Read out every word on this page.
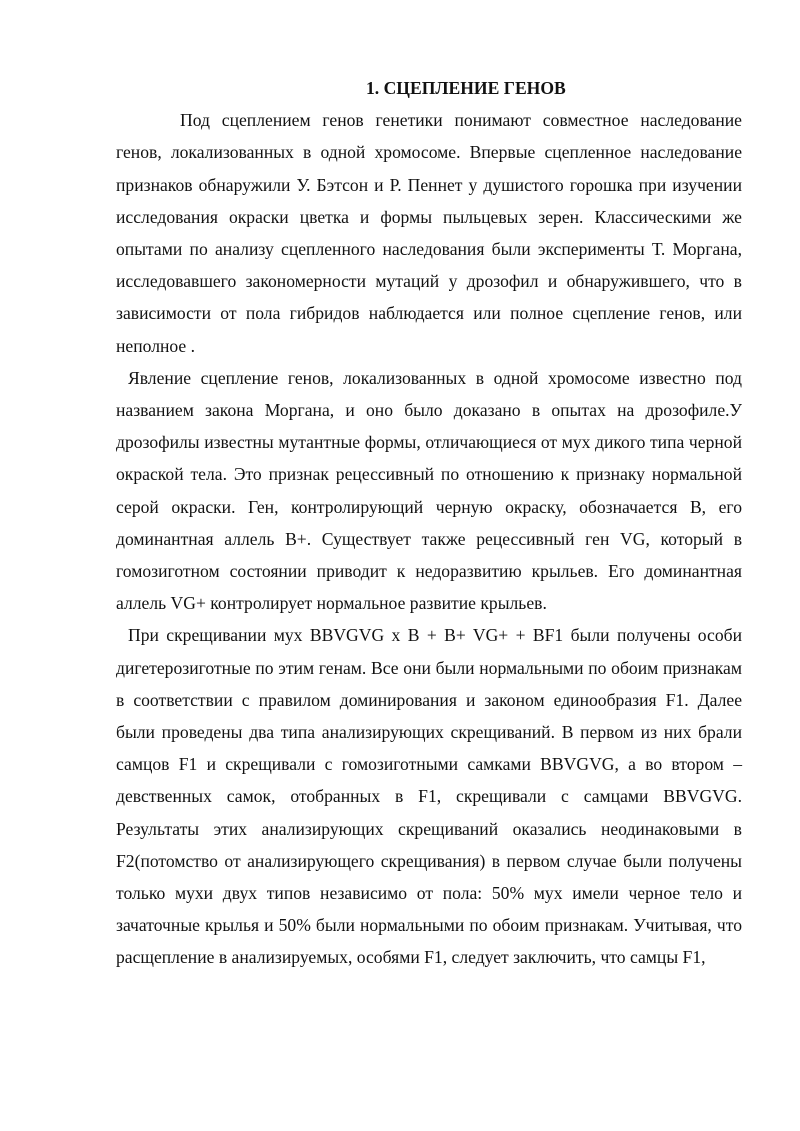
1. СЦЕПЛЕНИЕ ГЕНОВ

Под сцеплением генов генетики понимают совместное наследование генов, локализованных в одной хромосоме. Впервые сцепленное наследование признаков обнаружили У. Бэтсон и Р. Пеннет у душистого горошка при изучении исследования окраски цветка и формы пыльцевых зерен. Классическими же опытами по анализу сцепленного наследования были эксперименты Т. Моргана, исследовавшего закономерности мутаций у дрозофил и обнаружившего, что в зависимости от пола гибридов наблюдается или полное сцепление генов, или неполное .

Явление сцепление генов, локализованных в одной хромосоме известно под названием закона Моргана, и оно было доказано в опытах на дрозофиле.У дрозофилы известны мутантные формы, отличающиеся от мух дикого типа черной окраской тела. Это признак рецессивный по отношению к признаку нормальной серой окраски. Ген, контролирующий черную окраску, обозначается B, его доминантная аллель B+. Существует также рецессивный ген VG, который в гомозиготном состоянии приводит к недоразвитию крыльев. Его доминантная аллель VG+ контролирует нормальное развитие крыльев.

При скрещивании мух BBVGVG x B + B+ VG+ + BF1 были получены особи дигетерозиготные по этим генам. Все они были нормальными по обоим признакам в соответствии с правилом доминирования и законом единообразия F1. Далее были проведены два типа анализирующих скрещиваний. В первом из них брали самцов F1 и скрещивали с гомозиготными самками BBVGVG, а во втором – девственных самок, отобранных в F1, скрещивали с самцами BBVGVG. Результаты этих анализирующих скрещиваний оказались неодинаковыми в F2(потомство от анализирующего скрещивания) в первом случае были получены только мухи двух типов независимо от пола: 50% мух имели черное тело и зачаточные крылья и 50% были нормальными по обоим признакам. Учитывая, что расщепление в анализируемых, особями F1, следует заключить, что самцы F1,
